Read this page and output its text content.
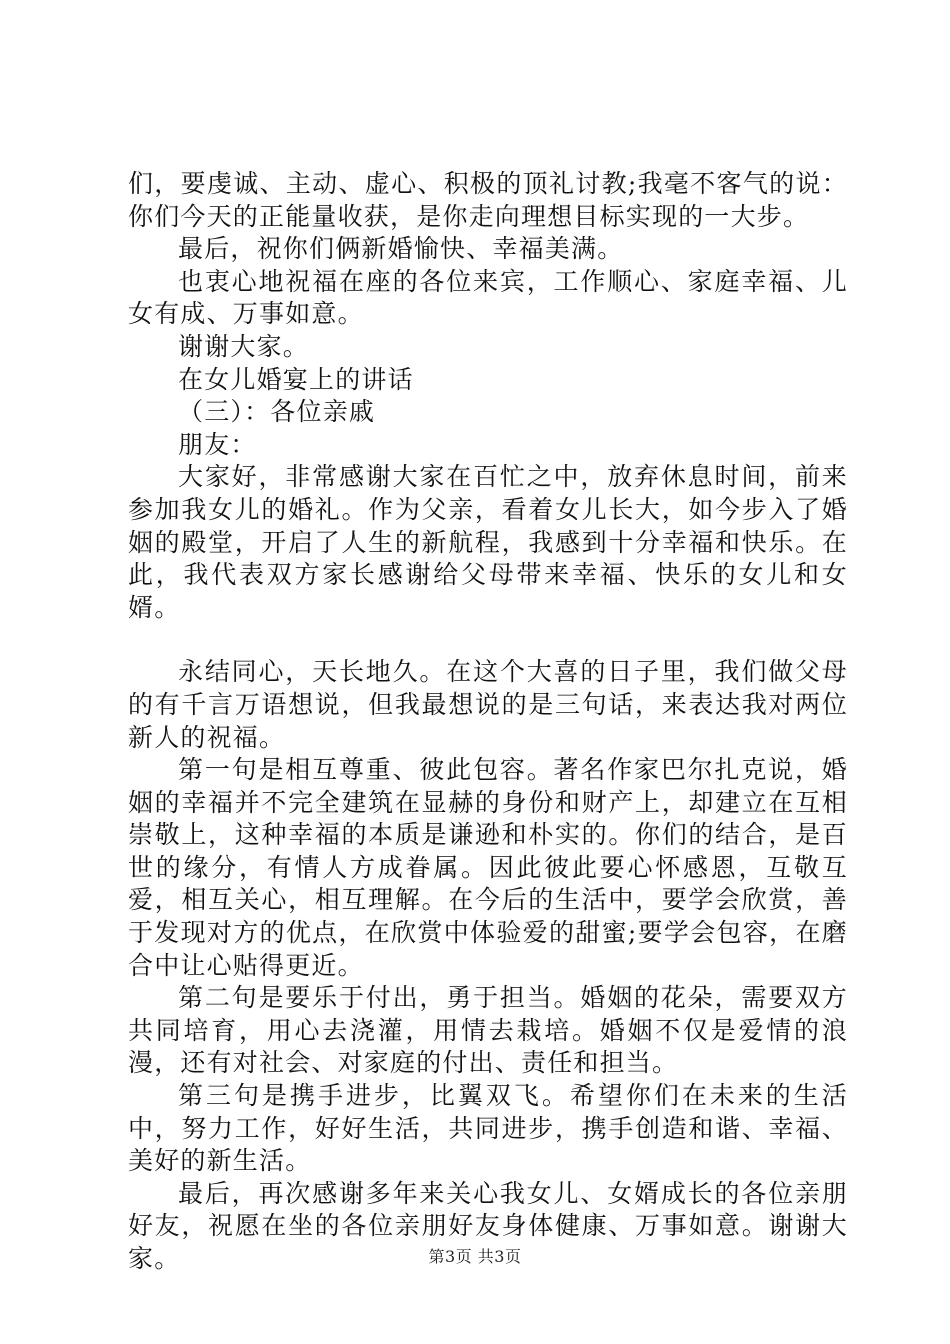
们，要虔诚、主动、虚心、积极的顶礼讨教;我毫不客气的说：你们今天的正能量收获，是你走向理想目标实现的一大步。

最后，祝你们俩新婚愉快、幸福美满。

也衷心地祝福在座的各位来宾，工作顺心、家庭幸福、儿女有成、万事如意。

谢谢大家。

在女儿婚宴上的讲话

（三）：各位亲戚

朋友：

大家好，非常感谢大家在百忙之中，放弃休息时间，前来参加我女儿的婚礼。作为父亲，看着女儿长大，如今步入了婚姻的殿堂，开启了人生的新航程，我感到十分幸福和快乐。在此，我代表双方家长感谢给父母带来幸福、快乐的女儿和女婿。

永结同心，天长地久。在这个大喜的日子里，我们做父母的有千言万语想说，但我最想说的是三句话，来表达我对两位新人的祝福。

第一句是相互尊重、彼此包容。著名作家巴尔扎克说，婚姻的幸福并不完全建筑在显赫的身份和财产上，却建立在互相崇敬上，这种幸福的本质是谦逊和朴实的。你们的结合，是百世的缘分，有情人方成眷属。因此彼此要心怀感恩，互敬互爱，相互关心，相互理解。在今后的生活中，要学会欣赏，善于发现对方的优点，在欣赏中体验爱的甜蜜;要学会包容，在磨合中让心贴得更近。

第二句是要乐于付出，勇于担当。婚姻的花朵，需要双方共同培育，用心去浇灌，用情去栽培。婚姻不仅是爱情的浪漫，还有对社会、对家庭的付出、责任和担当。

第三句是携手进步，比翼双飞。希望你们在未来的生活中，努力工作，好好生活，共同进步，携手创造和谐、幸福、美好的新生活。

最后，再次感谢多年来关心我女儿、女婿成长的各位亲朋好友，祝愿在坐的各位亲朋好友身体健康、万事如意。谢谢大家。	第3页 共3页
